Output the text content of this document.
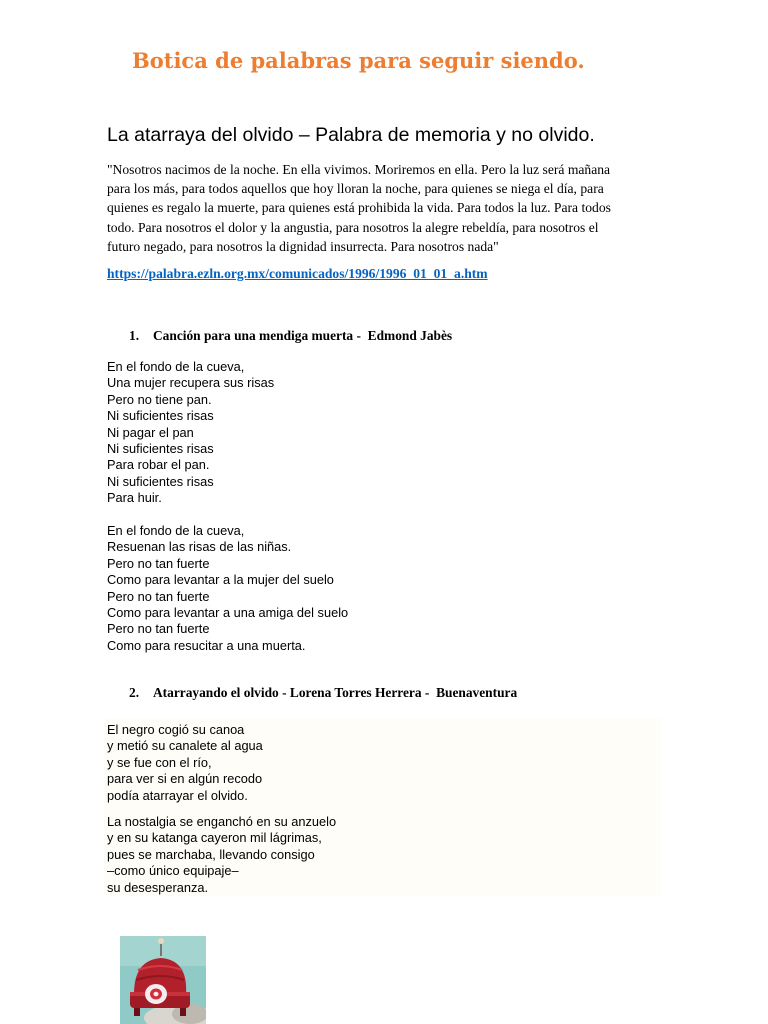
Botica de palabras para seguir siendo.
La atarraya del olvido – Palabra de memoria y no olvido.
"Nosotros nacimos de la noche. En ella vivimos. Moriremos en ella. Pero la luz será mañana
para los más, para todos aquellos que hoy lloran la noche, para quienes se niega el día, para
quienes es regalo la muerte, para quienes está prohibida la vida. Para todos la luz. Para todos
todo. Para nosotros el dolor y la angustia, para nosotros la alegre rebeldía, para nosotros el
futuro negado, para nosotros la dignidad insurrecta. Para nosotros nada"
https://palabra.ezln.org.mx/comunicados/1996/1996_01_01_a.htm
1. Canción para una mendiga muerta -  Edmond Jabès
En el fondo de la cueva,
Una mujer recupera sus risas
Pero no tiene pan.
Ni suficientes risas
Ni pagar el pan
Ni suficientes risas
Para robar el pan.
Ni suficientes risas
Para huir.
En el fondo de la cueva,
Resuenan las risas de las niñas.
Pero no tan fuerte
Como para levantar a la mujer del suelo
Pero no tan fuerte
Como para levantar a una amiga del suelo
Pero no tan fuerte
Como para resucitar a una muerta.
2. Atarrayando el olvido - Lorena Torres Herrera -  Buenaventura
El negro cogió su canoa
y metió su canalete al agua
y se fue con el río,
para ver si en algún recodo
podía atarrayar el olvido.
La nostalgia se enganchó en su anzuelo
y en su katanga cayeron mil lágrimas,
pues se marchaba, llevando consigo
–como único equipaje–
su desesperanza.
